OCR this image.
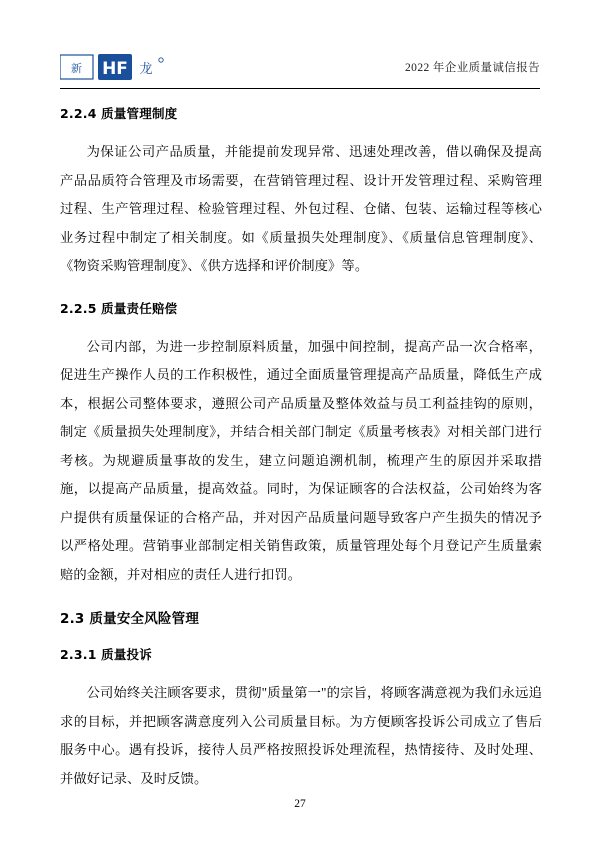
新 HF 龙	2022 年企业质量诚信报告
2.2.4 质量管理制度

为保证公司产品质量，并能提前发现异常、迅速处理改善，借以确保及提高产品品质符合管理及市场需要，在营销管理过程、设计开发管理过程、采购管理过程、生产管理过程、检验管理过程、外包过程、仓储、包装、运输过程等核心业务过程中制定了相关制度。如《质量损失处理制度》、《质量信息管理制度》、《物资采购管理制度》、《供方选择和评价制度》等。

2.2.5 质量责任赔偿

公司内部，为进一步控制原料质量，加强中间控制，提高产品一次合格率，促进生产操作人员的工作积极性，通过全面质量管理提高产品质量，降低生产成本，根据公司整体要求，遵照公司产品质量及整体效益与员工利益挂钩的原则，制定《质量损失处理制度》，并结合相关部门制定《质量考核表》对相关部门进行考核。为规避质量事故的发生，建立问题追溯机制，梳理产生的原因并采取措施，以提高产品质量，提高效益。同时，为保证顾客的合法权益，公司始终为客户提供有质量保证的合格产品，并对因产品质量问题导致客户产生损失的情况予以严格处理。营销事业部制定相关销售政策，质量管理处每个月登记产生质量索赔的金额，并对相应的责任人进行扣罚。

2.3 质量安全风险管理
2.3.1 质量投诉

公司始终关注顾客要求，贯彻"质量第一"的宗旨，将顾客满意视为我们永远追求的目标，并把顾客满意度列入公司质量目标。为方便顾客投诉公司成立了售后服务中心。遇有投诉，接待人员严格按照投诉处理流程，热情接待、及时处理、并做好记录、及时反馈。

27
